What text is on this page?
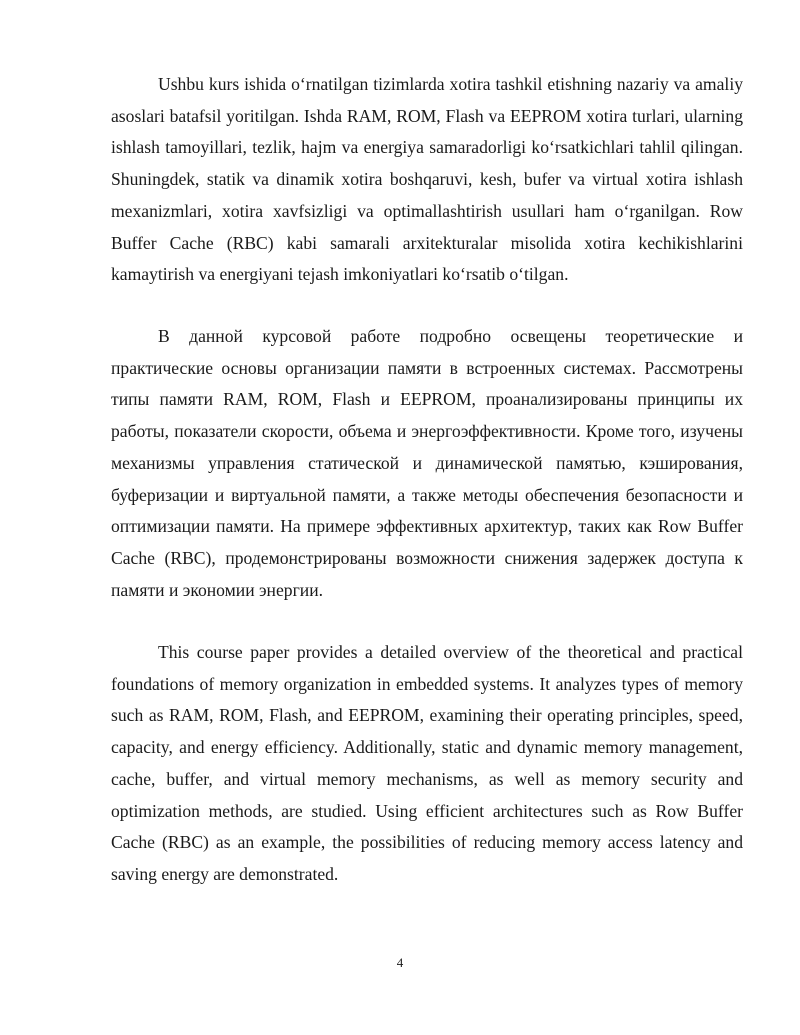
Ushbu kurs ishida o‘rnatilgan tizimlarda xotira tashkil etishning nazariy va amaliy asoslari batafsil yoritilgan. Ishda RAM, ROM, Flash va EEPROM xotira turlari, ularning ishlash tamoyillari, tezlik, hajm va energiya samaradorligi ko‘rsatkichlari tahlil qilingan. Shuningdek, statik va dinamik xotira boshqaruvi, kesh, bufer va virtual xotira ishlash mexanizmlari, xotira xavfsizligi va optimallashtirish usullari ham o‘rganilgan. Row Buffer Cache (RBC) kabi samarali arxitekturalar misolida xotira kechikishlarini kamaytirish va energiyani tejash imkoniyatlari ko‘rsatib o‘tilgan.

В данной курсовой работе подробно освещены теоретические и практические основы организации памяти в встроенных системах. Рассмотрены типы памяти RAM, ROM, Flash и EEPROM, проанализированы принципы их работы, показатели скорости, объема и энергоэффективности. Кроме того, изучены механизмы управления статической и динамической памятью, кэширования, буферизации и виртуальной памяти, а также методы обеспечения безопасности и оптимизации памяти. На примере эффективных архитектур, таких как Row Buffer Cache (RBC), продемонстрированы возможности снижения задержек доступа к памяти и экономии энергии.

This course paper provides a detailed overview of the theoretical and practical foundations of memory organization in embedded systems. It analyzes types of memory such as RAM, ROM, Flash, and EEPROM, examining their operating principles, speed, capacity, and energy efficiency. Additionally, static and dynamic memory management, cache, buffer, and virtual memory mechanisms, as well as memory security and optimization methods, are studied. Using efficient architectures such as Row Buffer Cache (RBC) as an example, the possibilities of reducing memory access latency and saving energy are demonstrated.

4
